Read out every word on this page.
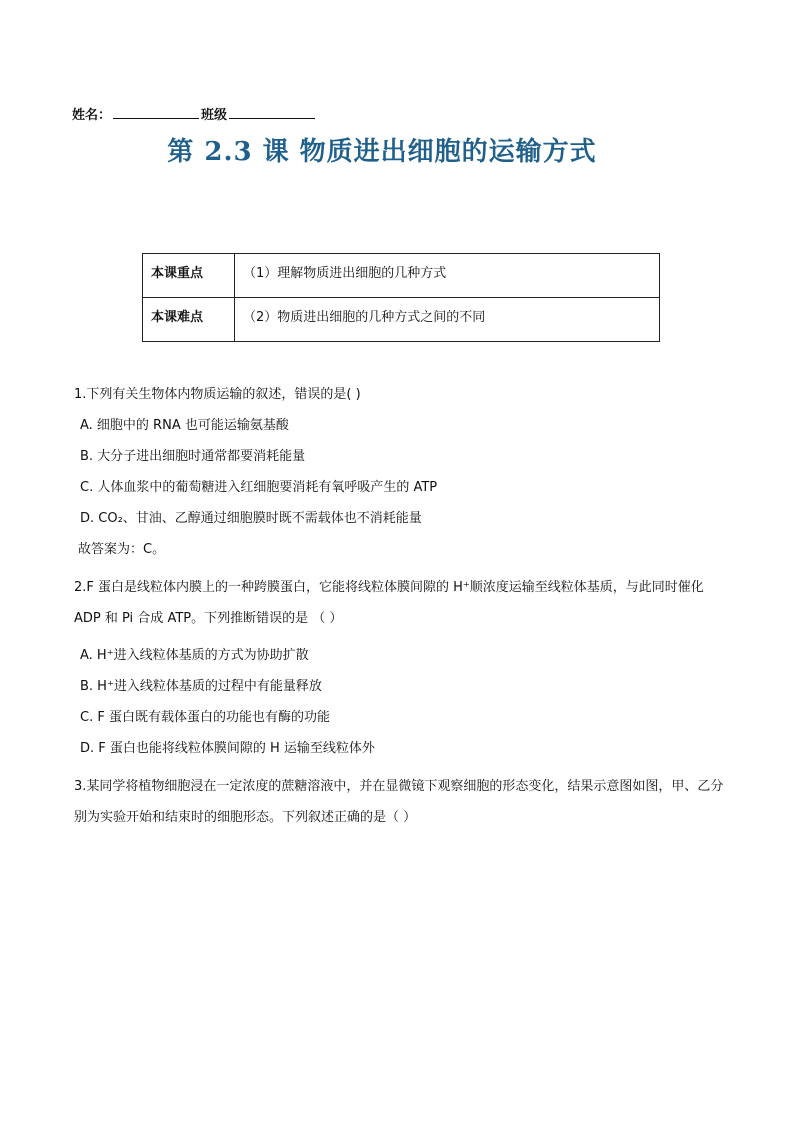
姓名：	班级
第 2.3 课 物质进出细胞的运输方式
本课重点	（1）理解物质进出细胞的几种方式
本课难点	（2）物质进出细胞的几种方式之间的不同
1.下列有关生物体内物质运输的叙述，错误的是( )
A. 细胞中的 RNA 也可能运输氨基酸
B. 大分子进出细胞时通常都要消耗能量
C. 人体血浆中的葡萄糖进入红细胞要消耗有氧呼吸产生的 ATP
D. CO₂、甘油、乙醇通过细胞膜时既不需载体也不消耗能量
故答案为：C。
2.F 蛋白是线粒体内膜上的一种跨膜蛋白，它能将线粒体膜间隙的 H⁺顺浓度运输至线粒体基质，与此同时催化 ADP 和 Pi 合成 ATP。下列推断错误的是 （ ）
A. H⁺进入线粒体基质的方式为协助扩散
B. H⁺进入线粒体基质的过程中有能量释放
C. F 蛋白既有载体蛋白的功能也有酶的功能
D. F 蛋白也能将线粒体膜间隙的 H 运输至线粒体外
3.某同学将植物细胞浸在一定浓度的蔗糖溶液中，并在显微镜下观察细胞的形态变化，结果示意图如图，甲、乙分别为实验开始和结束时的细胞形态。下列叙述正确的是（ ）
